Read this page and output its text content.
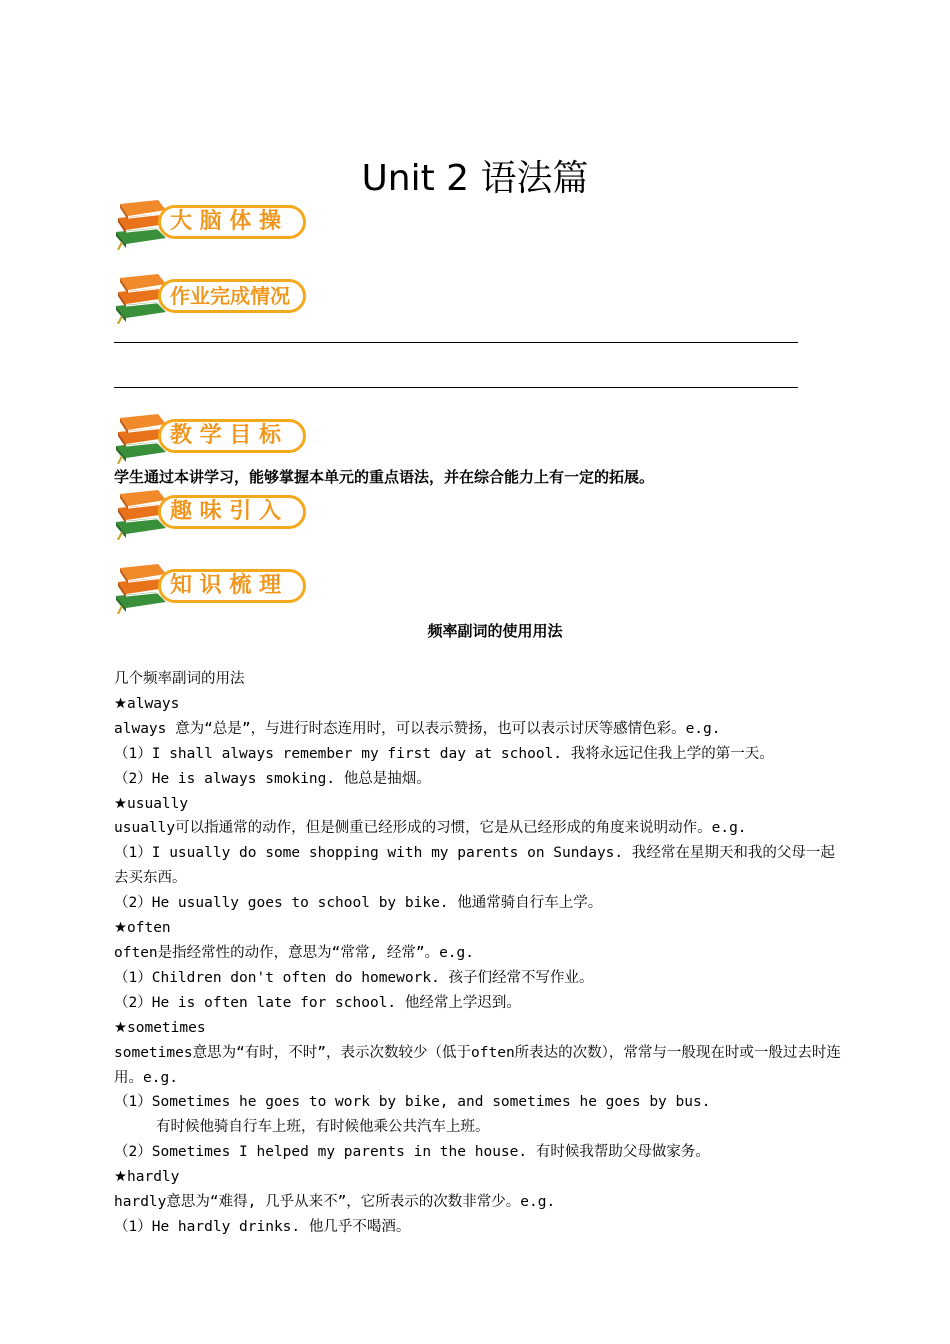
Unit 2 语法篇
大 脑 体 操
作业完成情况
教 学 目 标
学生通过本讲学习，能够掌握本单元的重点语法，并在综合能力上有一定的拓展。
趣 味 引 入
知 识 梳 理
频率副词的使用用法

几个频率副词的用法

★always

always 意为“总是”，与进行时态连用时，可以表示赞扬，也可以表示讨厌等感情色彩。e.g.

（1）I shall always remember my first day at school. 我将永远记住我上学的第一天。

（2）He is always smoking. 他总是抽烟。

★usually

usually可以指通常的动作，但是侧重已经形成的习惯，它是从已经形成的角度来说明动作。e.g.

（1）I usually do some shopping with my parents on Sundays. 我经常在星期天和我的父母一起去买东西。

（2）He usually goes to school by bike. 他通常骑自行车上学。

★often

often是指经常性的动作，意思为“常常, 经常”。e.g.

（1）Children don't often do homework. 孩子们经常不写作业。

（2）He is often late for school. 他经常上学迟到。

★sometimes

sometimes意思为“有时，不时”，表示次数较少（低于often所表达的次数），常常与一般现在时或一般过去时连用。e.g.

（1）Sometimes he goes to work by bike, and sometimes he goes by bus.

有时候他骑自行车上班，有时候他乘公共汽车上班。

（2）Sometimes I helped my parents in the house. 有时候我帮助父母做家务。

★hardly

hardly意思为“难得, 几乎从来不”，它所表示的次数非常少。e.g.

（1）He hardly drinks. 他几乎不喝酒。
